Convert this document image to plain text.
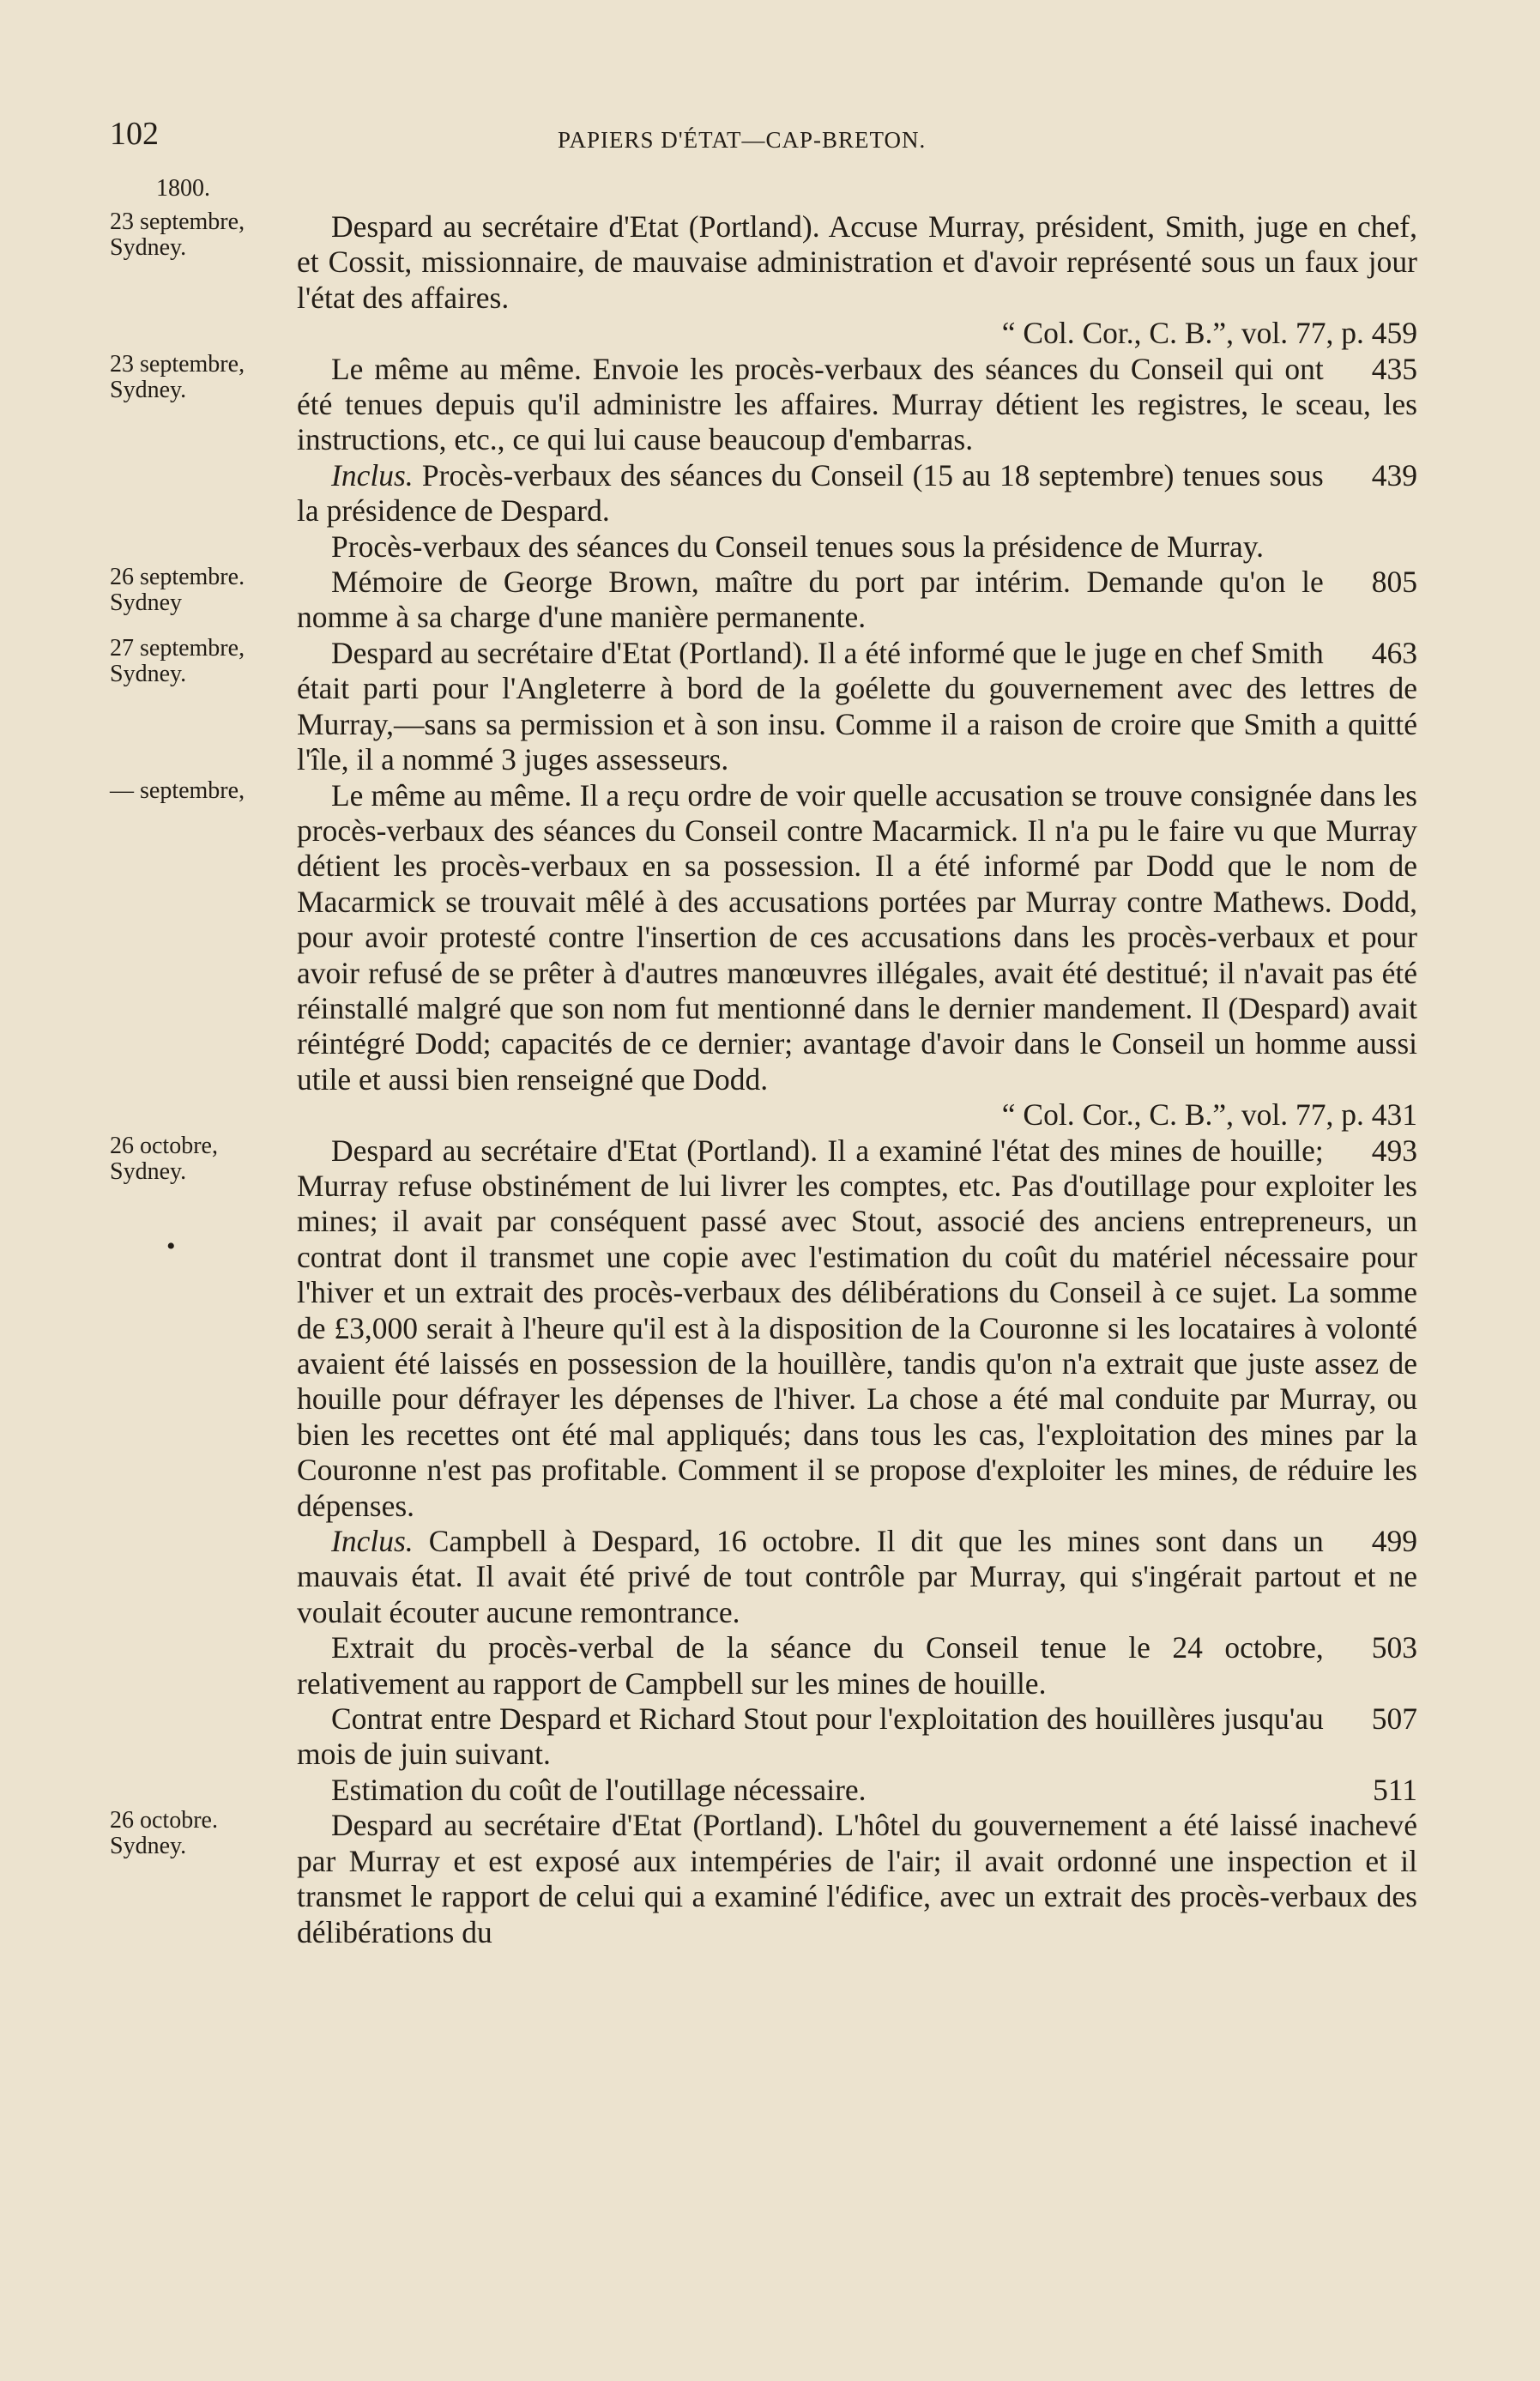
102	PAPIERS D'ÉTAT—CAP-BRETON.
1800.
•
23 septembre,
Sydney.

Despard au secrétaire d'Etat (Portland). Accuse Murray, président, Smith, juge en chef, et Cossit, missionnaire, de mauvaise administration et d'avoir représenté sous un faux jour l'état des affaires.

“ Col. Cor., C. B.”, vol. 77, p. 459

23 septembre,
Sydney.

435
Le même au même. Envoie les procès-verbaux des séances du Conseil qui ont été tenues depuis qu'il administre les affaires. Murray détient les registres, le sceau, les instructions, etc., ce qui lui cause beaucoup d'embarras.

439
Inclus. Procès-verbaux des séances du Conseil (15 au 18 septembre) tenues sous la présidence de Despard.

Procès-verbaux des séances du Conseil tenues sous la présidence de Murray.

26 septembre.
Sydney

805
Mémoire de George Brown, maître du port par intérim. Demande qu'on le nomme à sa charge d'une manière permanente.

27 septembre,
Sydney.

463
Despard au secrétaire d'Etat (Portland). Il a été informé que le juge en chef Smith était parti pour l'Angleterre à bord de la goélette du gouvernement avec des lettres de Murray,—sans sa permission et à son insu. Comme il a raison de croire que Smith a quitté l'île, il a nommé 3 juges assesseurs.

— septembre,	Le même au même. Il a reçu ordre de voir quelle accusation se trouve consignée dans les procès-verbaux des séances du Conseil contre Macarmick. Il n'a pu le faire vu que Murray détient les procès-verbaux en sa possession. Il a été informé par Dodd que le nom de Macarmick se trouvait mêlé à des accusations portées par Murray contre Mathews. Dodd, pour avoir protesté contre l'insertion de ces accusations dans les procès-verbaux et pour avoir refusé de se prêter à d'autres manœuvres illégales, avait été destitué; il n'avait pas été réinstallé malgré que son nom fut mentionné dans le dernier mandement. Il (Despard) avait réintégré Dodd; capacités de ce dernier; avantage d'avoir dans le Conseil un homme aussi utile et aussi bien renseigné que Dodd.

“ Col. Cor., C. B.”, vol. 77, p. 431

26 octobre,
Sydney.

493
Despard au secrétaire d'Etat (Portland). Il a examiné l'état des mines de houille; Murray refuse obstinément de lui livrer les comptes, etc. Pas d'outillage pour exploiter les mines; il avait par conséquent passé avec Stout, associé des anciens entrepreneurs, un contrat dont il transmet une copie avec l'estimation du coût du matériel nécessaire pour l'hiver et un extrait des procès-verbaux des délibérations du Conseil à ce sujet. La somme de £3,000 serait à l'heure qu'il est à la disposition de la Couronne si les locataires à volonté avaient été laissés en possession de la houillère, tandis qu'on n'a extrait que juste assez de houille pour défrayer les dépenses de l'hiver. La chose a été mal conduite par Murray, ou bien les recettes ont été mal appliqués; dans tous les cas, l'exploitation des mines par la Couronne n'est pas profitable. Comment il se propose d'exploiter les mines, de réduire les dépenses.

499
Inclus. Campbell à Despard, 16 octobre. Il dit que les mines sont dans un mauvais état. Il avait été privé de tout contrôle par Murray, qui s'ingérait partout et ne voulait écouter aucune remontrance.

503
Extrait du procès-verbal de la séance du Conseil tenue le 24 octobre, relativement au rapport de Campbell sur les mines de houille.

507
Contrat entre Despard et Richard Stout pour l'exploitation des houillères jusqu'au mois de juin suivant.

511
Estimation du coût de l'outillage nécessaire.

26 octobre.
Sydney.

Despard au secrétaire d'Etat (Portland). L'hôtel du gouvernement a été laissé inachevé par Murray et est exposé aux intempéries de l'air; il avait ordonné une inspection et il transmet le rapport de celui qui a examiné l'édifice, avec un extrait des procès-verbaux des délibérations du
